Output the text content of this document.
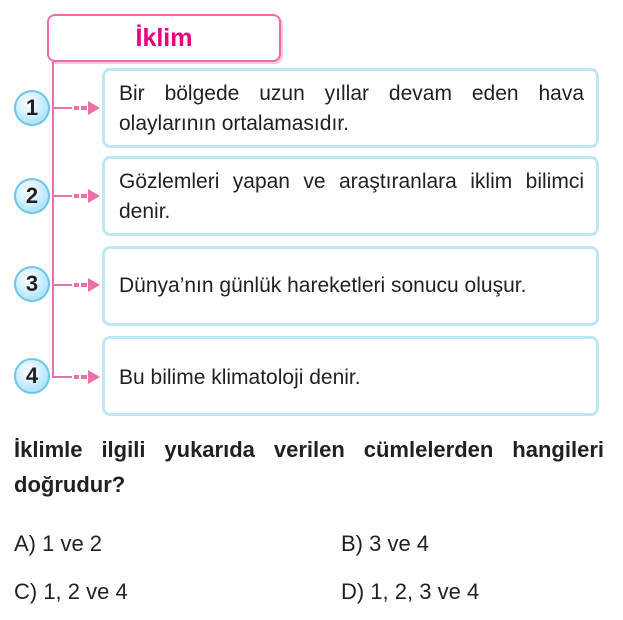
İklim
1
Bir bölgede uzun yıllar devam eden hava olaylarının ortalamasıdır.
2
Gözlemleri yapan ve araştıranlara iklim bilimci denir.
3	Dünya’nın günlük hareketleri sonucu oluşur.
4	Bu bilime klimatoloji denir.
İklimle ilgili yukarıda verilen cümlelerden hangileri doğrudur?
A) 1 ve 2	B) 3 ve 4
C) 1, 2 ve 4	D) 1, 2, 3 ve 4
